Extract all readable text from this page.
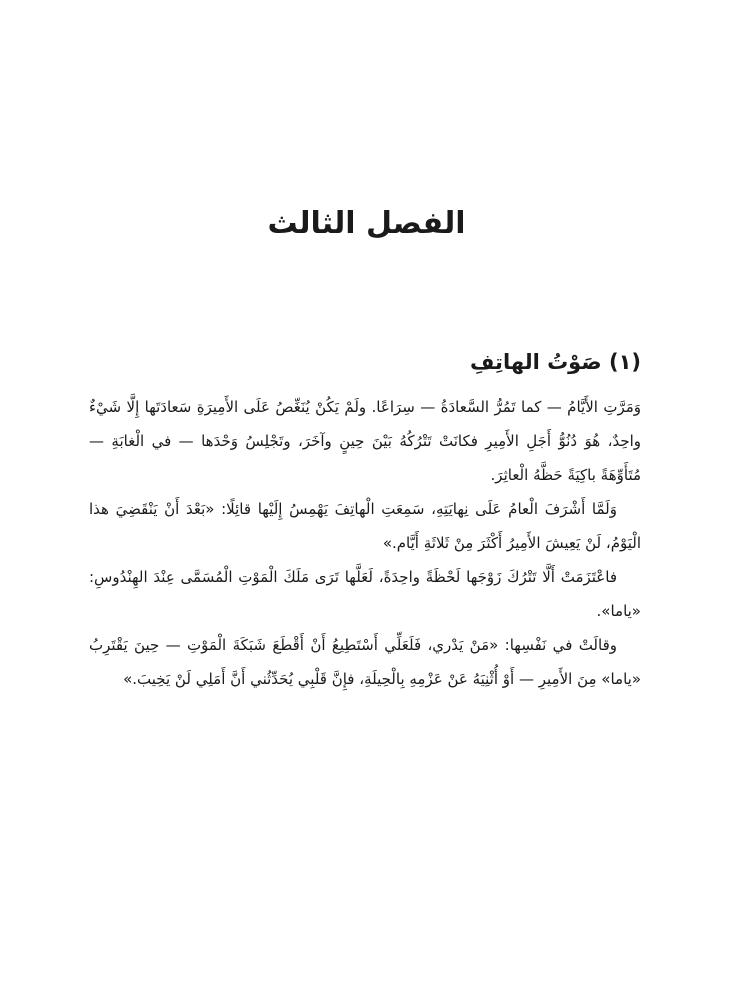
الفصل الثالث
(١) صَوْتُ الهاتِفِ

وَمَرَّتِ الأَيَّامُ — كما تَمُرُّ السَّعادَةُ — سِرَاعًا. ولَمْ يَكُنْ يُنَغِّصُ عَلَى الأَمِيرَةِ سَعادَتَها إِلَّا شَيْءٌ واحِدٌ، هُوَ دُنُوُّ أَجَلِ الأَمِيرِ فكانَتْ تَتْرُكُهُ بَيْنَ حِينٍ وآخَرَ، وتَجْلِسُ وَحْدَها — في الْغابَةِ — مُتَأَوِّهَةً باكِيَةً حَظَّهُ الْعاثِرَ.

وَلَمَّا أَشْرَفَ الْعامُ عَلَى نِهايَتِهِ، سَمِعَتِ الْهاتِفَ يَهْمِسُ إِلَيْها قائِلًا: «بَعْدَ أَنْ يَنْقَضِيَ هذا الْيَوْمُ، لَنْ يَعِيشَ الأَمِيرُ أَكْثَرَ مِنْ ثَلاثَةِ أَيَّام.»

فاعْتَزَمَتْ أَلَّا تَتْرُكَ زَوْجَها لَحْظَةً واحِدَةً، لَعَلَّها تَرَى مَلَكَ الْمَوْتِ الْمُسَمَّى عِنْدَ الهِنْدُوسِ: «ياما».

وقالَتْ في نَفْسِها: «مَنْ يَدْري، فَلَعَلِّي أَسْتَطِيعُ أَنْ أَقْطَعَ شَبَكَةَ الْمَوْتِ — حِينَ يَقْتَرِبُ «ياما» مِنَ الأَمِيرِ — أَوْ أُثْنِيَهُ عَنْ عَزْمِهِ بِالْحِيلَةِ، فإِنَّ قَلْبِي يُحَدِّثُني أَنَّ أَمَلِي لَنْ يَخِيبَ.»
